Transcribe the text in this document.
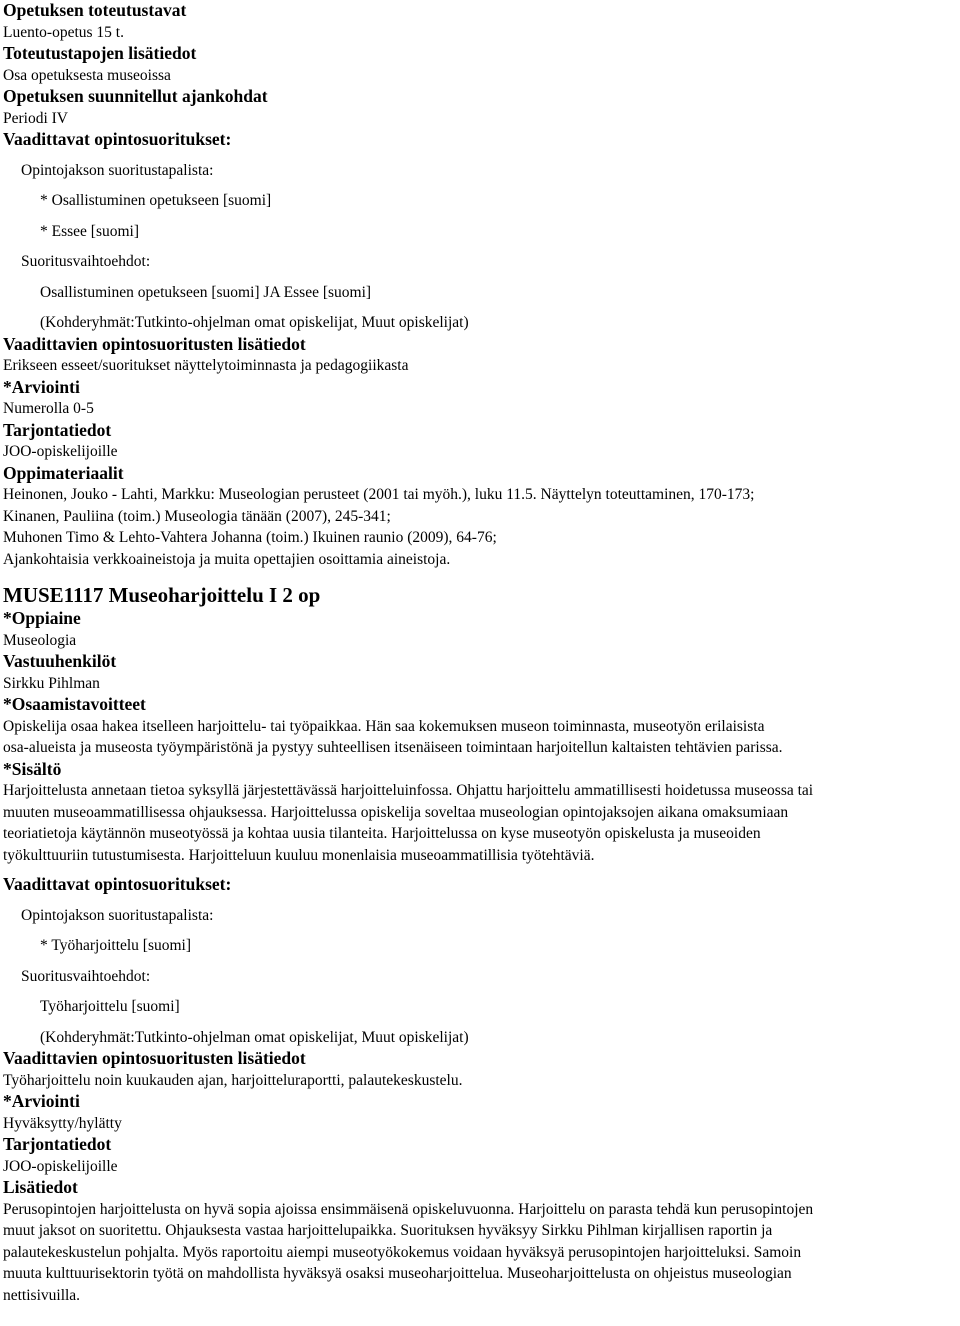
Opetuksen toteutustavat
Luento-opetus 15 t.
Toteutustapojen lisätiedot
Osa opetuksesta museoissa
Opetuksen suunnitellut ajankohdat
Periodi IV
Vaadittavat opintosuoritukset:
Opintojakson suoritustapalista:
* Osallistuminen opetukseen [suomi]
* Essee [suomi]
Suoritusvaihtoehdot:
Osallistuminen opetukseen [suomi] JA Essee [suomi]
(Kohderyhmät:Tutkinto-ohjelman omat opiskelijat, Muut opiskelijat)
Vaadittavien opintosuoritusten lisätiedot
Erikseen esseet/suoritukset näyttelytoiminnasta ja pedagogiikasta
*Arviointi
Numerolla 0-5
Tarjontatiedot
JOO-opiskelijoille
Oppimateriaalit
Heinonen, Jouko - Lahti, Markku: Museologian perusteet (2001 tai myöh.), luku 11.5. Näyttelyn toteuttaminen, 170-173;
Kinanen, Pauliina (toim.) Museologia tänään (2007), 245-341;
Muhonen Timo & Lehto-Vahtera Johanna (toim.) Ikuinen raunio (2009), 64-76;
Ajankohtaisia verkkoaineistoja ja muita opettajien osoittamia aineistoja.
MUSE1117 Museoharjoittelu I 2 op
*Oppiaine
Museologia
Vastuuhenkilöt
Sirkku Pihlman
*Osaamistavoitteet
Opiskelija osaa hakea itselleen harjoittelu- tai työpaikkaa. Hän saa kokemuksen museon toiminnasta, museotyön erilaisista
osa-alueista ja museosta työympäristönä ja pystyy suhteellisen itsenäiseen toimintaan harjoitellun kaltaisten tehtävien parissa.
*Sisältö
Harjoittelusta annetaan tietoa syksyllä järjestettävässä harjoitteluinfossa. Ohjattu harjoittelu ammatillisesti hoidetussa museossa tai
muuten museoammatillisessa ohjauksessa. Harjoittelussa opiskelija soveltaa museologian opintojaksojen aikana omaksumiaan
teoriatietoja käytännön museotyössä ja kohtaa uusia tilanteita. Harjoittelussa on kyse museotyön opiskelusta ja museoiden
työkulttuuriin tutustumisesta. Harjoitteluun kuuluu monenlaisia museoammatillisia työtehtäviä.
Vaadittavat opintosuoritukset:
Opintojakson suoritustapalista:
* Työharjoittelu [suomi]
Suoritusvaihtoehdot:
Työharjoittelu [suomi]
(Kohderyhmät:Tutkinto-ohjelman omat opiskelijat, Muut opiskelijat)
Vaadittavien opintosuoritusten lisätiedot
Työharjoittelu noin kuukauden ajan, harjoitteluraportti, palautekeskustelu.
*Arviointi
Hyväksytty/hylätty
Tarjontatiedot
JOO-opiskelijoille
Lisätiedot
Perusopintojen harjoittelusta on hyvä sopia ajoissa ensimmäisenä opiskeluvuonna. Harjoittelu on parasta tehdä kun perusopintojen
muut jaksot on suoritettu. Ohjauksesta vastaa harjoittelupaikka. Suorituksen hyväksyy Sirkku Pihlman kirjallisen raportin ja
palautekeskustelun pohjalta. Myös raportoitu aiempi museotyökokemus voidaan hyväksyä perusopintojen harjoitteluksi. Samoin
muuta kulttuurisektorin työtä on mahdollista hyväksyä osaksi museoharjoittelua. Museoharjoittelusta on ohjeistus museologian
nettisivuilla.
